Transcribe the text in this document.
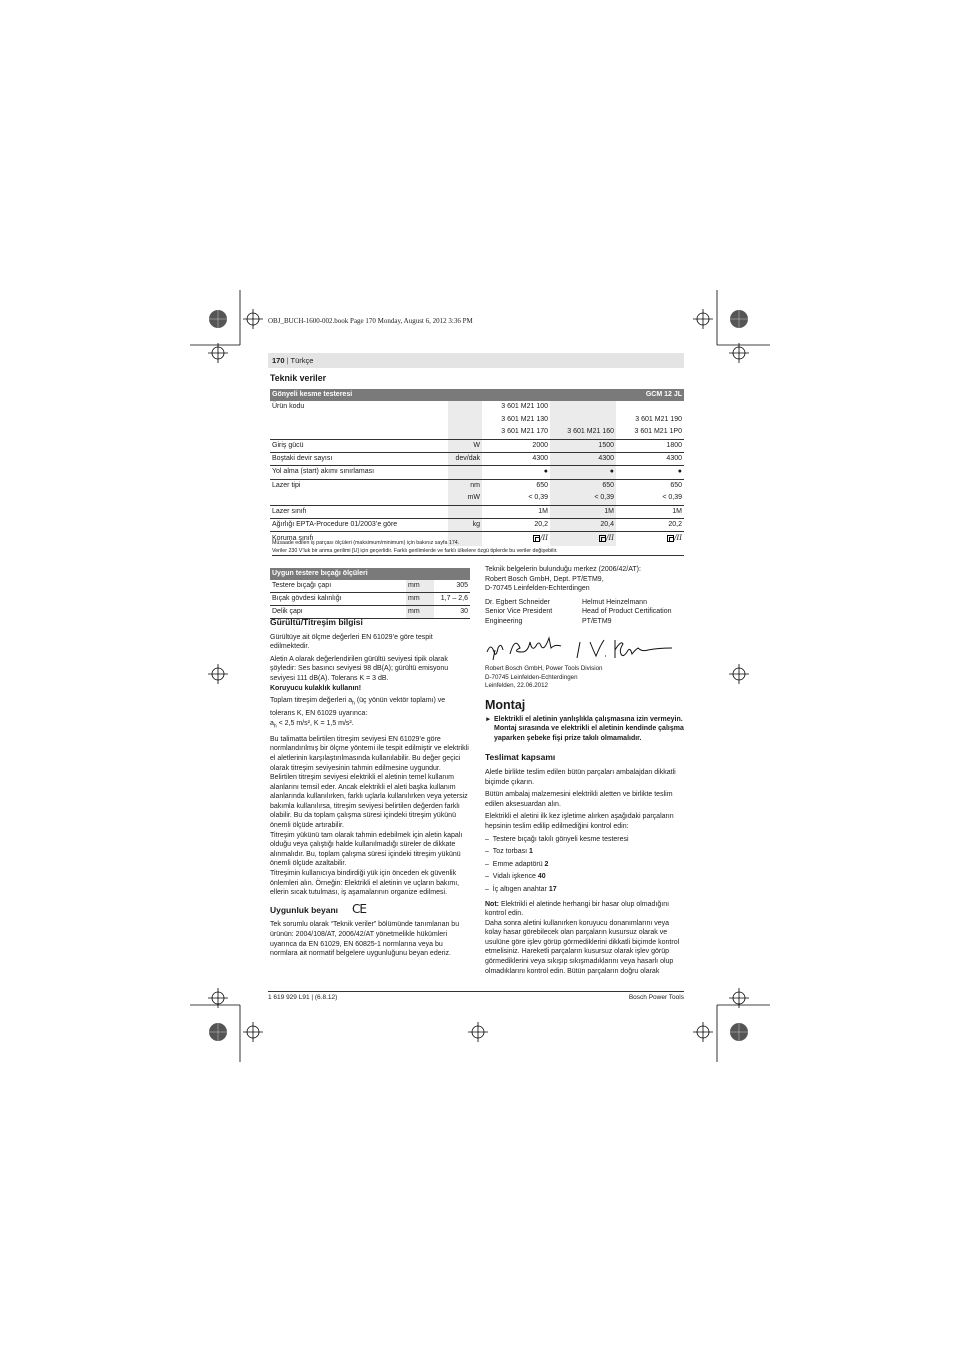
OBJ_BUCH-1600-002.book Page 170 Monday, August 6, 2012 3:36 PM
170 | Türkçe
Teknik veriler
Gönyeli kesme testeresi				GCM 12 JL
Ürün kodu		3 601 M21 100		
		3 601 M21 130		3 601 M21 190
		3 601 M21 170	3 601 M21 160	3 601 M21 1P0
Giriş gücü	W	2000	1500	1800
Boştaki devir sayısı	dev/dak	4300	4300	4300
Yol alma (start) akımı sınırlaması		●	●	●
Lazer tipi	nm	650	650	650
	mW	< 0,39	< 0,39	< 0,39
Lazer sınıfı		1M	1M	1M
Ağırlığı EPTA-Procedure 01/2003’e göre	kg	20,2	20,4	20,2
Koruma sınıfı		/II	/II	/II
Müsaade edilen iş parçası ölçüleri (maksimum/minimum) için bakınız sayfa 174.
Veriler 230 V’luk bir anma gerilimi [U] için geçerlidir. Farklı gerilimlerde ve farklı ülkelere özgü tiplerde bu veriler değişebilir.
Uygun testere bıçağı ölçüleri		
Testere bıçağı çapı	mm	305
Bıçak gövdesi kalınlığı	mm	1,7 – 2,6
Delik çapı	mm	30
Gürültü/Titreşim bilgisi

Gürültüye ait ölçme değerleri EN 61029’e göre tespit edilmektedir.

Aletin A olarak değerlendirilen gürültü seviyesi tipik olarak şöyledir: Ses basıncı seviyesi 98 dB(A); gürültü emisyonu seviyesi 111 dB(A). Tolerans K = 3 dB.

Koruyucu kulaklık kullanın!

Toplam titreşim değerleri $a_h$ (üç yönün vektör toplamı) ve tolerans K, EN 61029 uyarınca:

$a_h < 2,5$ m/s², K = 1,5 m/s².

Bu talimatta belirtilen titreşim seviyesi EN 61029’e göre normlandırılmış bir ölçme yöntemi ile tespit edilmiştir ve elektrikli el aletlerinin karşılaştırılmasında kullanılabilir. Bu değer geçici olarak titreşim seviyesinin tahmin edilmesine uygundur.

Belirtilen titreşim seviyesi elektrikli el aletinin temel kullanım alanlarını temsil eder. Ancak elektrikli el aleti başka kullanım alanlarında kullanılırken, farklı uçlarla kullanılırken veya yetersiz bakımla kullanılırsa, titreşim seviyesi belirtilen değerden farklı olabilir. Bu da toplam çalışma süresi içindeki titreşim yükünü önemli ölçüde artırabilir.

Titreşim yükünü tam olarak tahmin edebilmek için aletin kapalı olduğu veya çalıştığı halde kullanılmadığı süreler de dikkate alınmalıdır. Bu, toplam çalışma süresi içindeki titreşim yükünü önemli ölçüde azaltabilir.

Titreşimin kullanıcıya bindirdiği yük için önceden ek güvenlik önlemleri alın. Örneğin: Elektrikli el aletinin ve uçların bakımı, ellerin sıcak tutulması, iş aşamalarının organize edilmesi.

Uygunluk beyanı CE

Tek sorumlu olarak “Teknik veriler” bölümünde tanımlanan bu ürünün: 2004/108/AT, 2006/42/AT yönetmelikle hükümleri uyarınca da EN 61029, EN 60825-1 normlarına veya bu normlara ait normatif belgelere uygunluğunu beyan ederiz.

Teknik belgelerin bulunduğu merkez (2006/42/AT):
Robert Bosch GmbH, Dept. PT/ETM9,
D-70745 Leinfelden-Echterdingen
Dr. Egbert Schneider
Senior Vice President
Engineering
Helmut Heinzelmann
Head of Product Certification
PT/ETM9
Robert Bosch GmbH, Power Tools Division
D-70745 Leinfelden-Echterdingen
Leinfelden, 22.06.2012
Montaj
► Elektrikli el aletinin yanlışlıkla çalışmasına izin vermeyin. Montaj sırasında ve elektrikli el aletinin kendinde çalışma yaparken şebeke fişi prize takılı olmamalıdır.
Teslimat kapsamı

Aletle birlikte teslim edilen bütün parçaları ambalajdan dikkatli biçimde çıkarın.

Bütün ambalaj malzemesini elektrikli aletten ve birlikte teslim edilen aksesuardan alın.

Elektrikli el aletini ilk kez işletime alırken aşağıdaki parçaların hepsinin teslim edilip edilmediğini kontrol edin:

–  Testere bıçağı takılı gönyeli kesme testeresi

–  Toz torbası 1

–  Emme adaptörü 2

–  Vidalı işkence 40

–  İç altıgen anahtar 17

Not: Elektrikli el aletinde herhangi bir hasar olup olmadığını kontrol edin.

Daha sonra aletini kullanırken koruyucu donanımlarını veya kolay hasar görebilecek olan parçaların kusursuz olarak ve usulüne göre işlev görüp görmediklerini dikkatli biçimde kontrol etmelisiniz. Hareketli parçaların kusursuz olarak işlev görüp görmediklerini veya sıkışıp sıkışmadıklarını veya hasarlı olup olmadıklarını kontrol edin. Bütün parçaların doğru olarak

1 619 929 L91 | (6.8.12)	Bosch Power Tools
